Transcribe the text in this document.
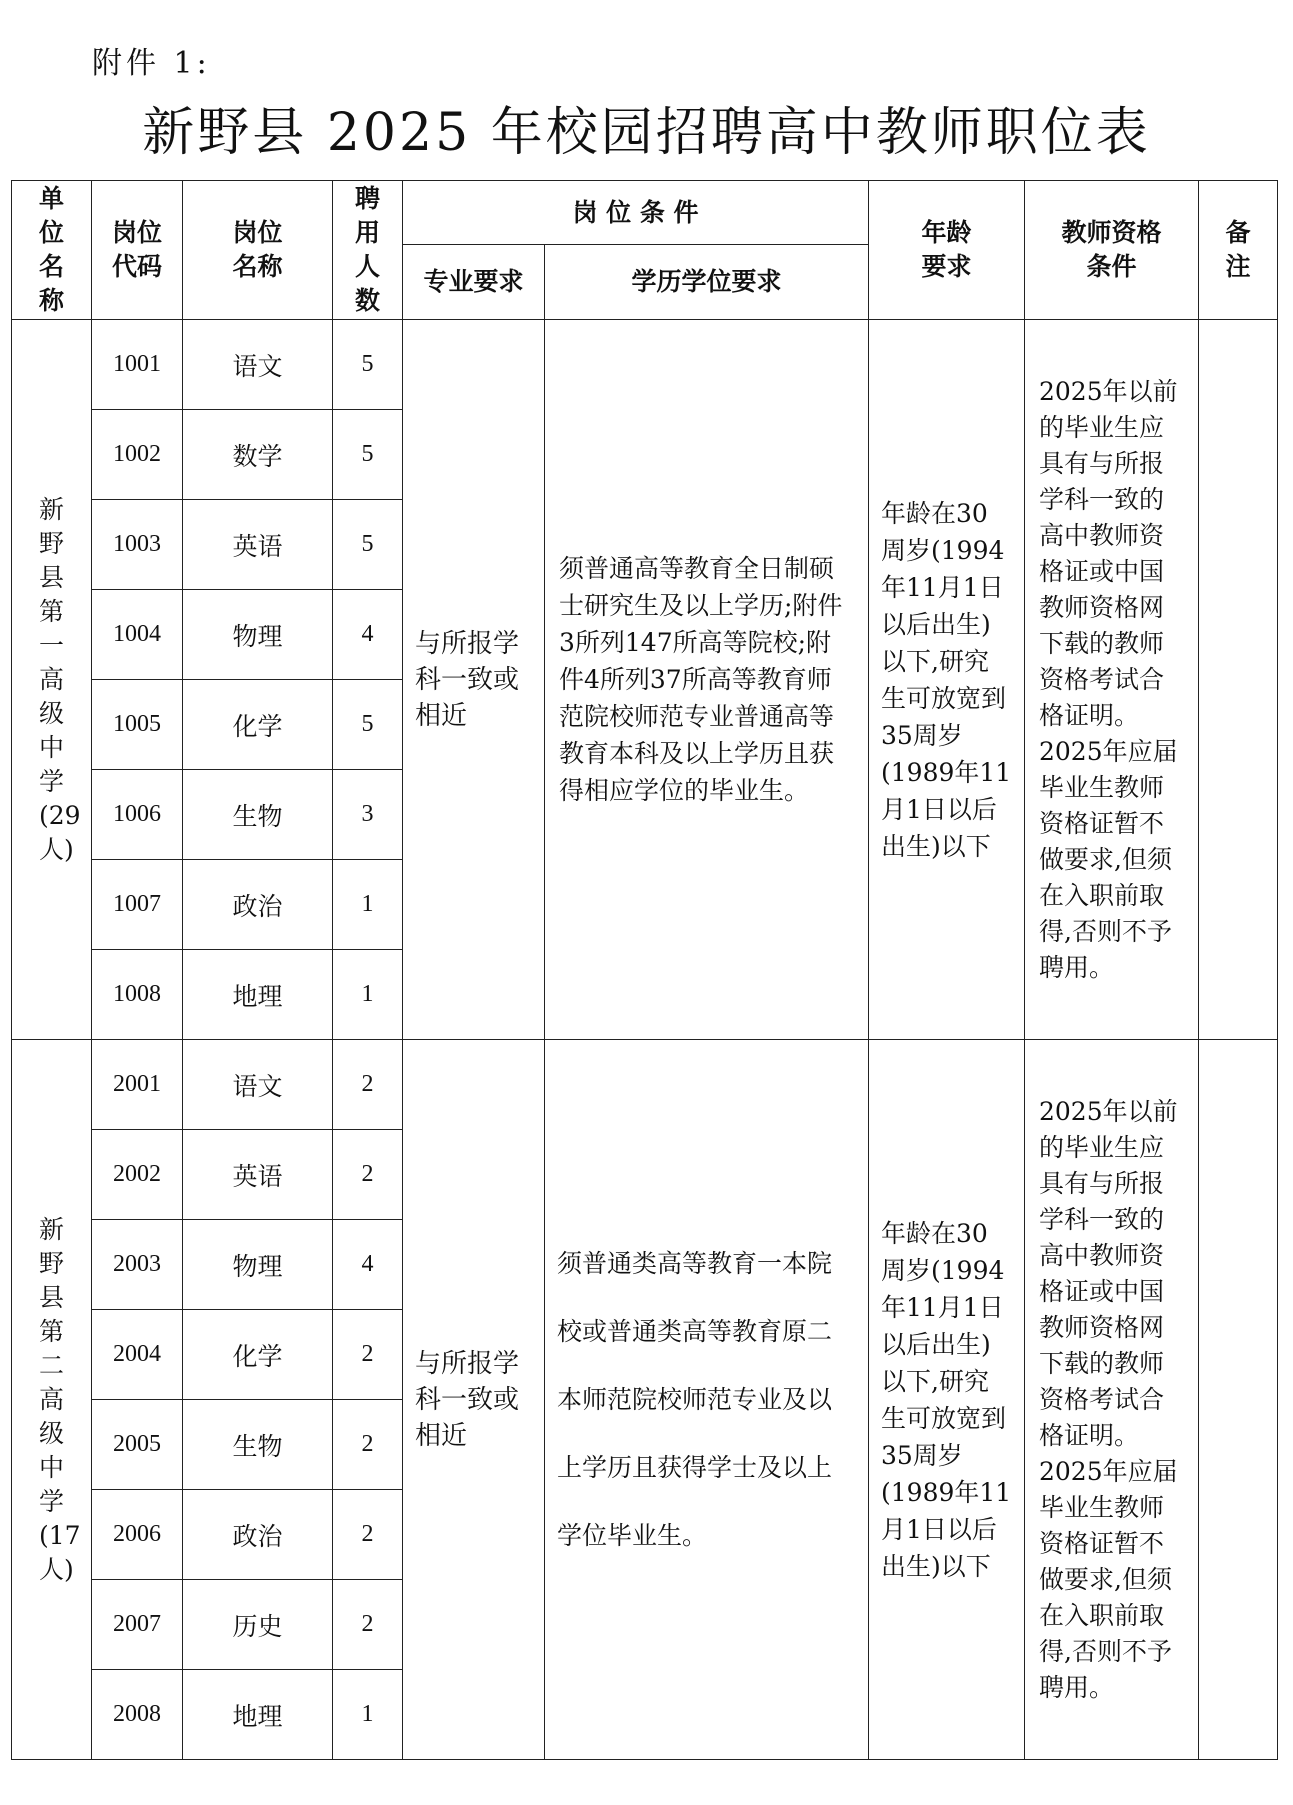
附件 1:
新野县 2025 年校园招聘高中教师职位表
单位名称	岗位代码	岗位名称	聘用人数	岗 位 条 件		年龄要求	教师资格条件	备注
				专业要求	学历学位要求			
新野县第一高级中学(29人)	1001	语文	5	与所报学科一致或相近	须普通高等教育全日制硕士研究生及以上学历;附件3所列147所高等院校;附件4所列37所高等教育师范院校师范专业普通高等教育本科及以上学历且获得相应学位的毕业生。	年龄在30周岁(1994年11月1日以后出生)以下,研究生可放宽到35周岁(1989年11月1日以后出生)以下	2025年以前的毕业生应具有与所报学科一致的高中教师资格证或中国教师资格网下载的教师资格考试合格证明。2025年应届毕业生教师资格证暂不做要求,但须在入职前取得,否则不予聘用。	
	1002	数学	5					
	1003	英语	5					
	1004	物理	4					
	1005	化学	5					
	1006	生物	3					
	1007	政治	1					
	1008	地理	1					
新野县第二高级中学(17人)	2001	语文	2	与所报学科一致或相近	须普通类高等教育一本院校或普通类高等教育原二本师范院校师范专业及以上学历且获得学士及以上学位毕业生。	年龄在30周岁(1994年11月1日以后出生)以下,研究生可放宽到35周岁(1989年11月1日以后出生)以下	2025年以前的毕业生应具有与所报学科一致的高中教师资格证或中国教师资格网下载的教师资格考试合格证明。2025年应届毕业生教师资格证暂不做要求,但须在入职前取得,否则不予聘用。	
	2002	英语	2					
	2003	物理	4					
	2004	化学	2					
	2005	生物	2					
	2006	政治	2					
	2007	历史	2					
	2008	地理	1					
